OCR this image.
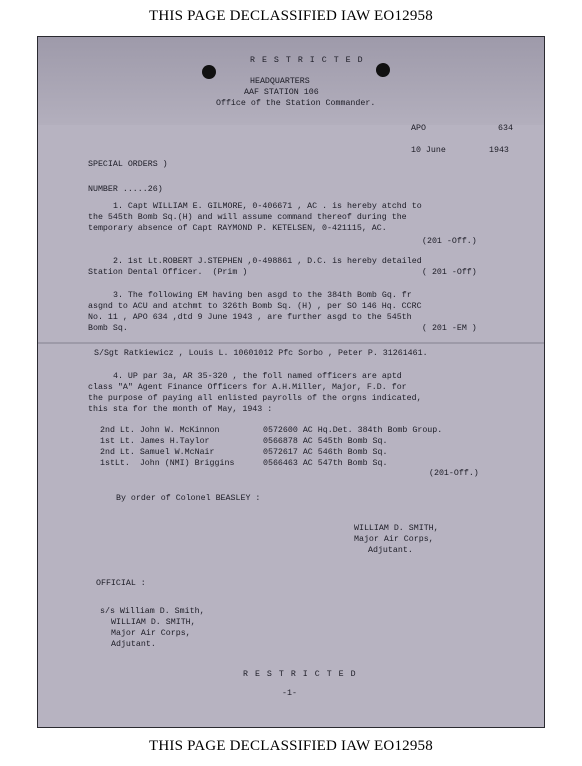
THIS PAGE DECLASSIFIED IAW EO12958
R E S T R I C T E D
HEADQUARTERS
AAF STATION 106
Office of the Station Commander.
APO	634
10 June	1943
SPECIAL ORDERS )
NUMBER .....26)
1. Capt WILLIAM E. GILMORE, 0-406671 , AC . is hereby atchd to
the 545th Bomb Sq.(H) and will assume command thereof during the
temporary absence of Capt RAYMOND P. KETELSEN, 0-421115, AC.
(201 -Off.)
2. 1st Lt.ROBERT J.STEPHEN ,0-498861 , D.C. is hereby detailed
Station Dental Officer.  (Prim )	( 201 -Off)
3. The following EM having ben asgd to the 384th Bomb Gq. fr
asgnd to ACU and atchmt to 326th Bomb Sq. (H) , per SO 146 Hq. CCRC
No. 11 , APO 634 ,dtd 9 June 1943 , are further asgd to the 545th
Bomb Sq.	( 201 -EM )
S/Sgt Ratkiewicz , Louis L. 10601012 Pfc Sorbo , Peter P. 31261461.
4. UP par 3a, AR 35-320 , the foll named officers are aptd
class "A" Agent Finance Officers for A.H.Miller, Major, F.D. for
the purpose of paying all enlisted payrolls of the orgns indicated,
this sta for the month of May, 1943 :
2nd Lt. John W. McKinnon	0572600 AC Hq.Det. 384th Bomb Group.
1st Lt. James H.Taylor	0566878 AC 545th Bomb Sq.
2nd Lt. Samuel W.McNair	0572617 AC 546th Bomb Sq.
1stLt.  John (NMI) Briggins	0566463 AC 547th Bomb Sq.
(201-Off.)
By order of Colonel BEASLEY :
WILLIAM D. SMITH,
Major Air Corps,
Adjutant.
OFFICIAL :
s/s William D. Smith,
WILLIAM D. SMITH,
Major Air Corps,
Adjutant.
R E S T R I C T E D
-1-
THIS PAGE DECLASSIFIED IAW EO12958
